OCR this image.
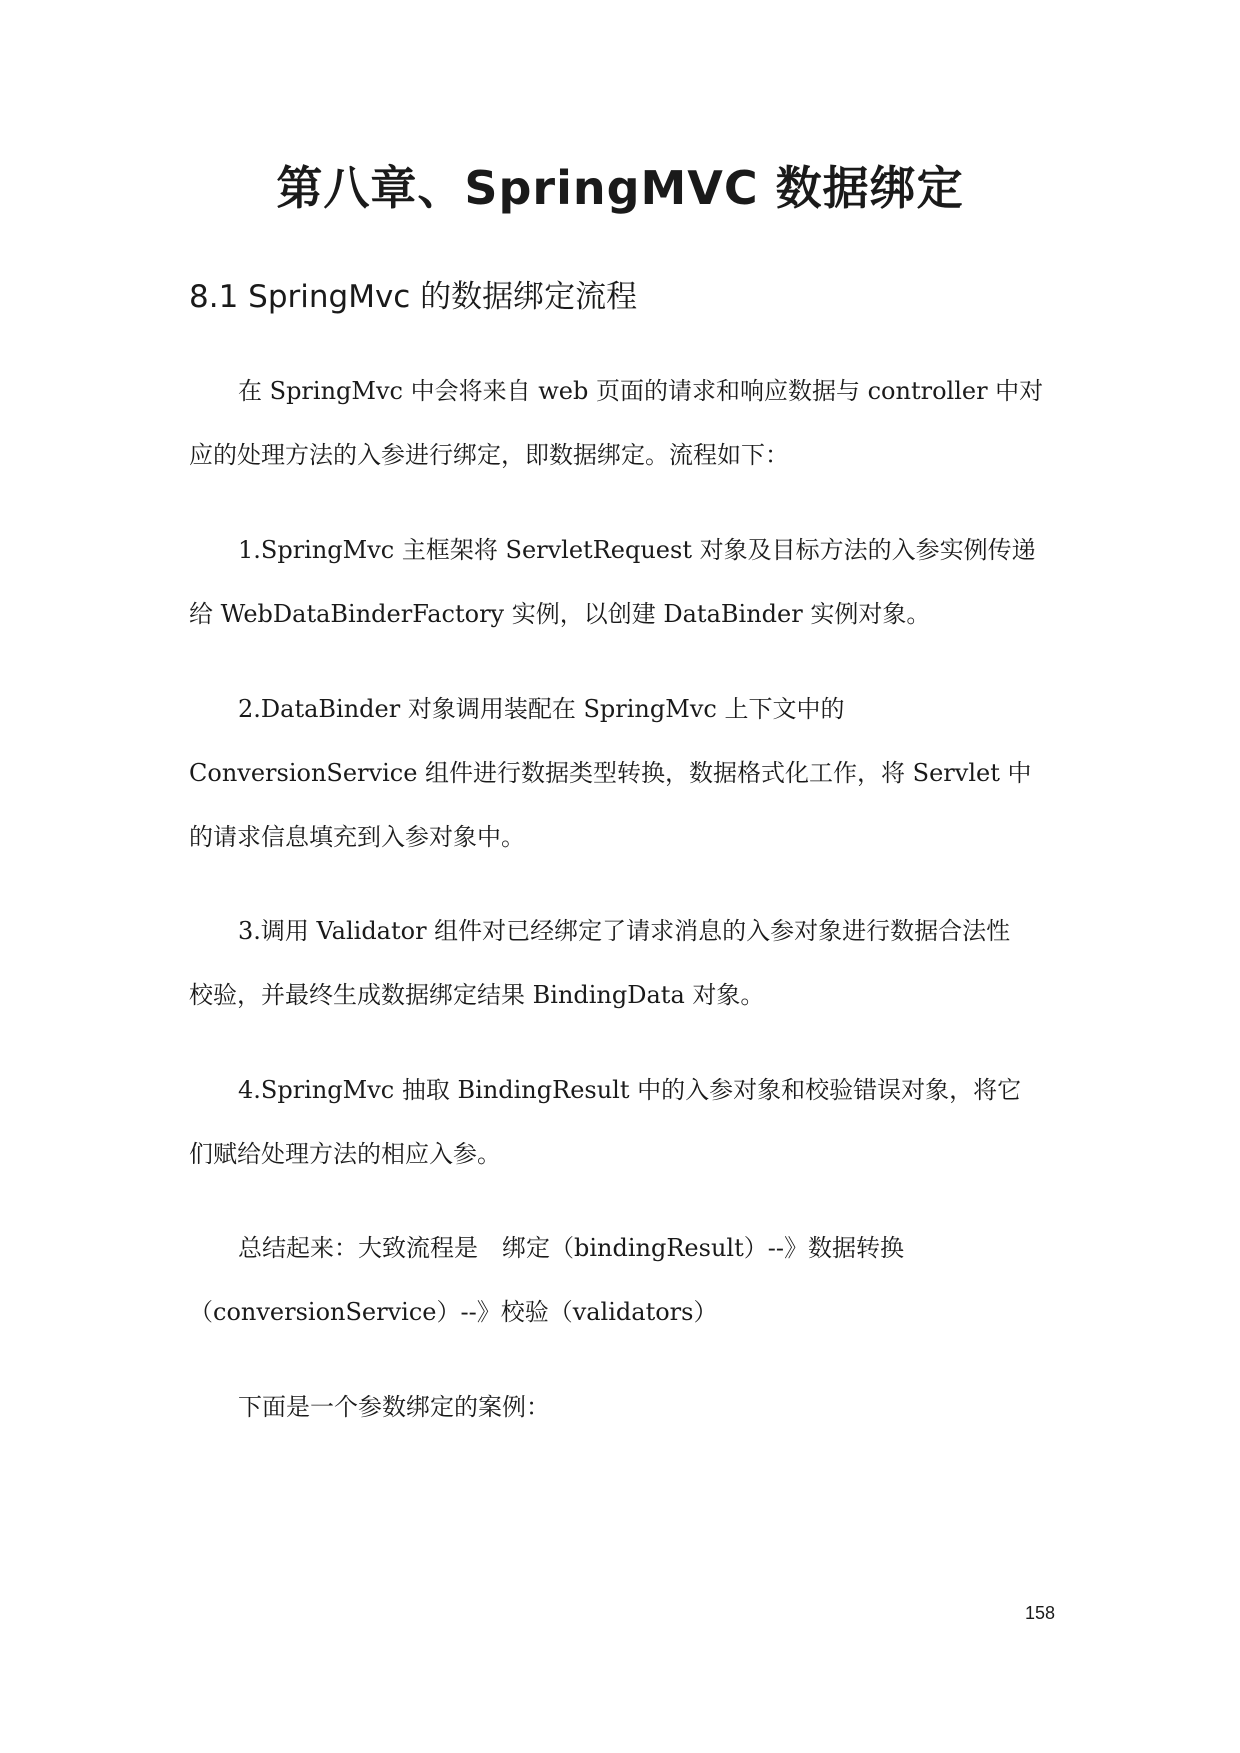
第八章、SpringMVC 数据绑定
8.1 SpringMvc 的数据绑定流程

在 SpringMvc 中会将来自 web 页面的请求和响应数据与 controller 中对

应的处理方法的入参进行绑定，即数据绑定。流程如下：

1.SpringMvc 主框架将 ServletRequest 对象及目标方法的入参实例传递

给 WebDataBinderFactory 实例，以创建 DataBinder 实例对象。

2.DataBinder 对象调用装配在 SpringMvc 上下文中的

ConversionService 组件进行数据类型转换，数据格式化工作，将 Servlet 中

的请求信息填充到入参对象中。

3.调用 Validator 组件对已经绑定了请求消息的入参对象进行数据合法性

校验，并最终生成数据绑定结果 BindingData 对象。

4.SpringMvc 抽取 BindingResult 中的入参对象和校验错误对象，将它

们赋给处理方法的相应入参。

总结起来：大致流程是　绑定（bindingResult）--》数据转换

（conversionService）--》校验（validators）

下面是一个参数绑定的案例：

158
